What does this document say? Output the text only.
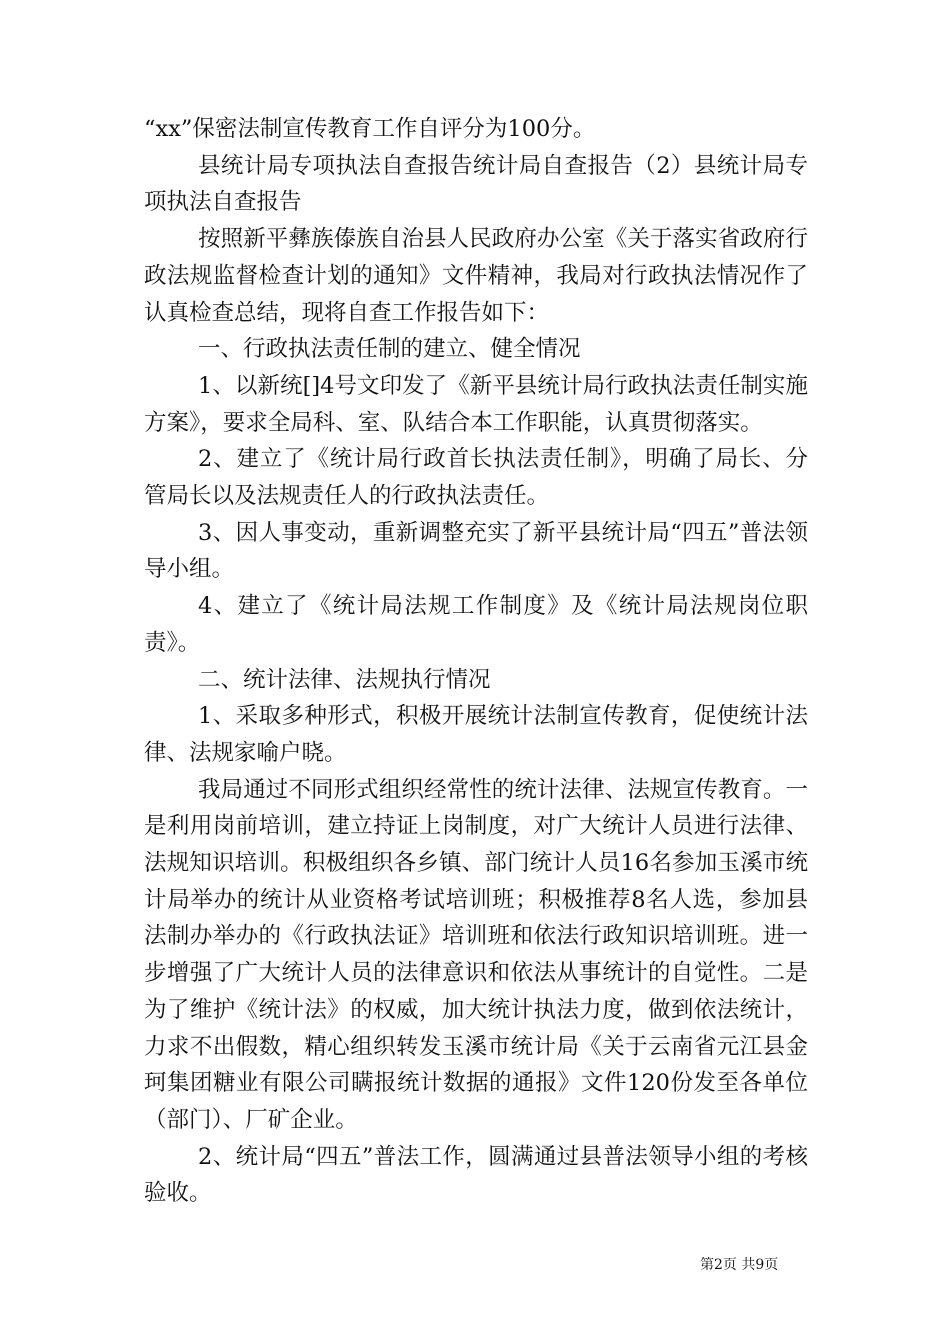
“xx”保密法制宣传教育工作自评分为100分。

县统计局专项执法自查报告统计局自查报告（2）县统计局专项执法自查报告

按照新平彝族傣族自治县人民政府办公室《关于落实省政府行政法规监督检查计划的通知》文件精神，我局对行政执法情况作了认真检查总结，现将自查工作报告如下：

一、行政执法责任制的建立、健全情况

1、以新统[]4号文印发了《新平县统计局行政执法责任制实施方案》，要求全局科、室、队结合本工作职能，认真贯彻落实。

2、建立了《统计局行政首长执法责任制》，明确了局长、分管局长以及法规责任人的行政执法责任。

3、因人事变动，重新调整充实了新平县统计局“四五”普法领导小组。

4、建立了《统计局法规工作制度》及《统计局法规岗位职责》。

二、统计法律、法规执行情况

1、采取多种形式，积极开展统计法制宣传教育，促使统计法律、法规家喻户晓。

我局通过不同形式组织经常性的统计法律、法规宣传教育。一是利用岗前培训，建立持证上岗制度，对广大统计人员进行法律、法规知识培训。积极组织各乡镇、部门统计人员16名参加玉溪市统计局举办的统计从业资格考试培训班；积极推荐8名人选，参加县法制办举办的《行政执法证》培训班和依法行政知识培训班。进一步增强了广大统计人员的法律意识和依法从事统计的自觉性。二是为了维护《统计法》的权威，加大统计执法力度，做到依法统计，力求不出假数，精心组织转发玉溪市统计局《关于云南省元江县金珂集团糖业有限公司瞒报统计数据的通报》文件120份发至各单位（部门）、厂矿企业。

2、统计局“四五”普法工作，圆满通过县普法领导小组的考核验收。

第2页 共9页
